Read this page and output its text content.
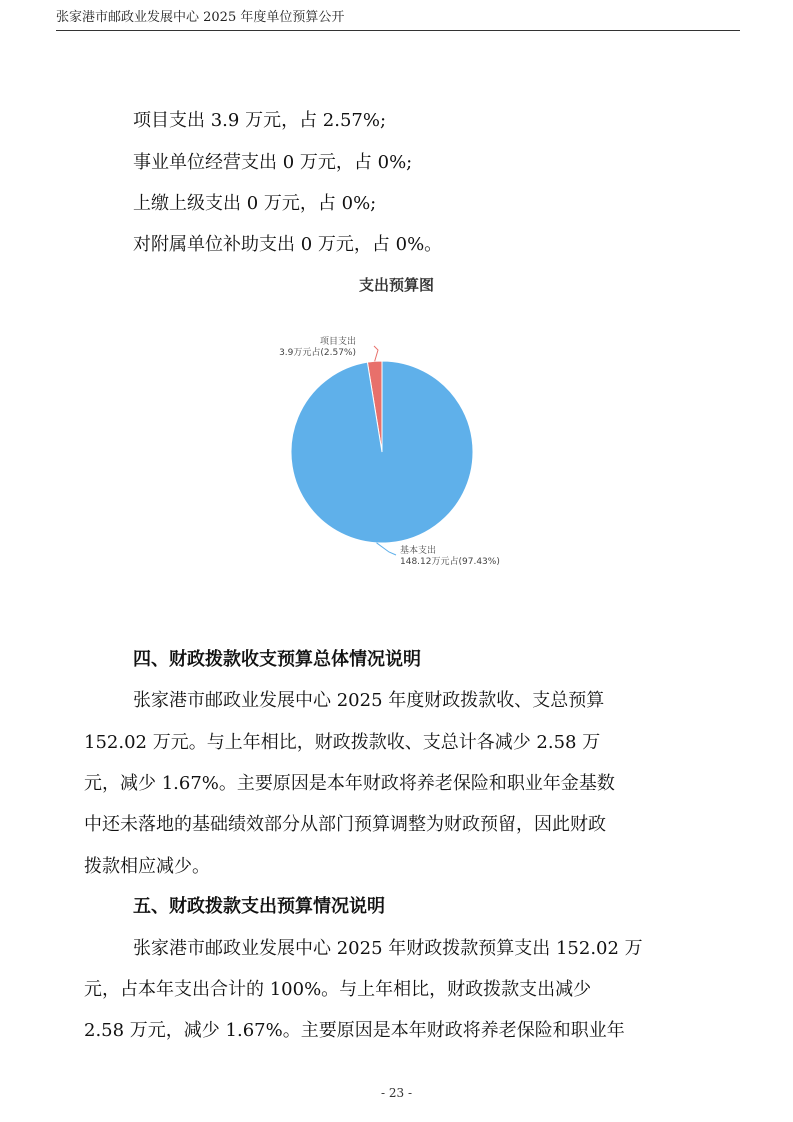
张家港市邮政业发展中心 2025 年度单位预算公开
项目支出 3.9 万元，占 2.57%;
事业单位经营支出 0 万元，占 0%;
上缴上级支出 0 万元，占 0%;
对附属单位补助支出 0 万元，占 0%。
支出预算图
项目支出
3.9万元占(2.57%)
基本支出
148.12万元占(97.43%)
四、财政拨款收支预算总体情况说明
张家港市邮政业发展中心 2025 年度财政拨款收、支总预算
152.02 万元。与上年相比，财政拨款收、支总计各减少 2.58 万
元，减少 1.67%。主要原因是本年财政将养老保险和职业年金基数
中还未落地的基础绩效部分从部门预算调整为财政预留，因此财政
拨款相应减少。
五、财政拨款支出预算情况说明
张家港市邮政业发展中心 2025 年财政拨款预算支出 152.02 万
元，占本年支出合计的 100%。与上年相比，财政拨款支出减少
2.58 万元，减少 1.67%。主要原因是本年财政将养老保险和职业年
- 23 -
